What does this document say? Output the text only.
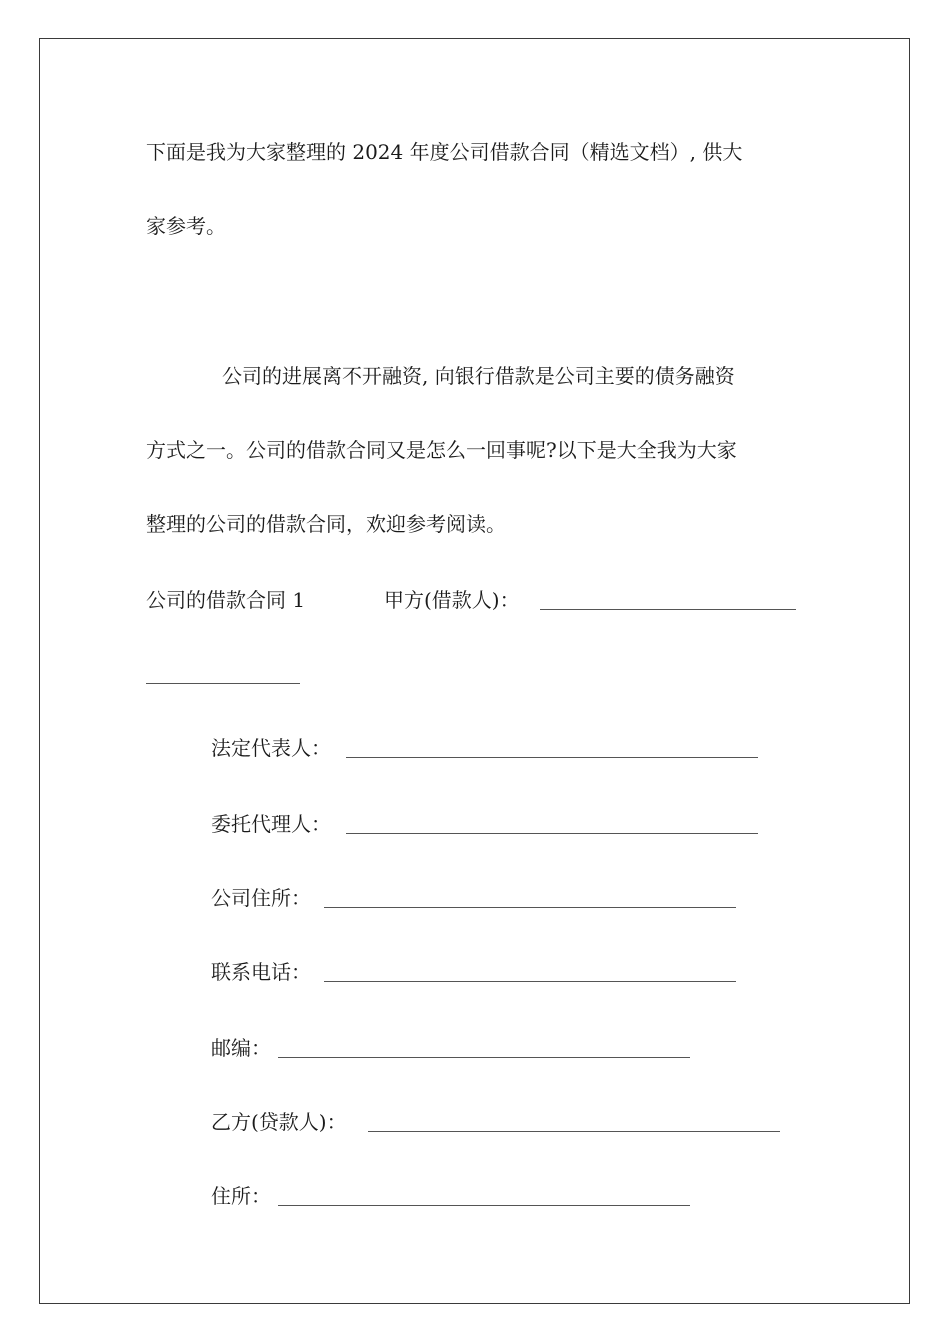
下面是我为大家整理的 2024 年度公司借款合同（精选文档）, 供大
家参考。
公司的进展离不开融资, 向银行借款是公司主要的债务融资
方式之一。公司的借款合同又是怎么一回事呢?以下是大全我为大家
整理的公司的借款合同，欢迎参考阅读。
公司的借款合同 1	甲方(借款人)：
法定代表人：
委托代理人：
公司住所：
联系电话：
邮编：
乙方(贷款人)：
住所：
